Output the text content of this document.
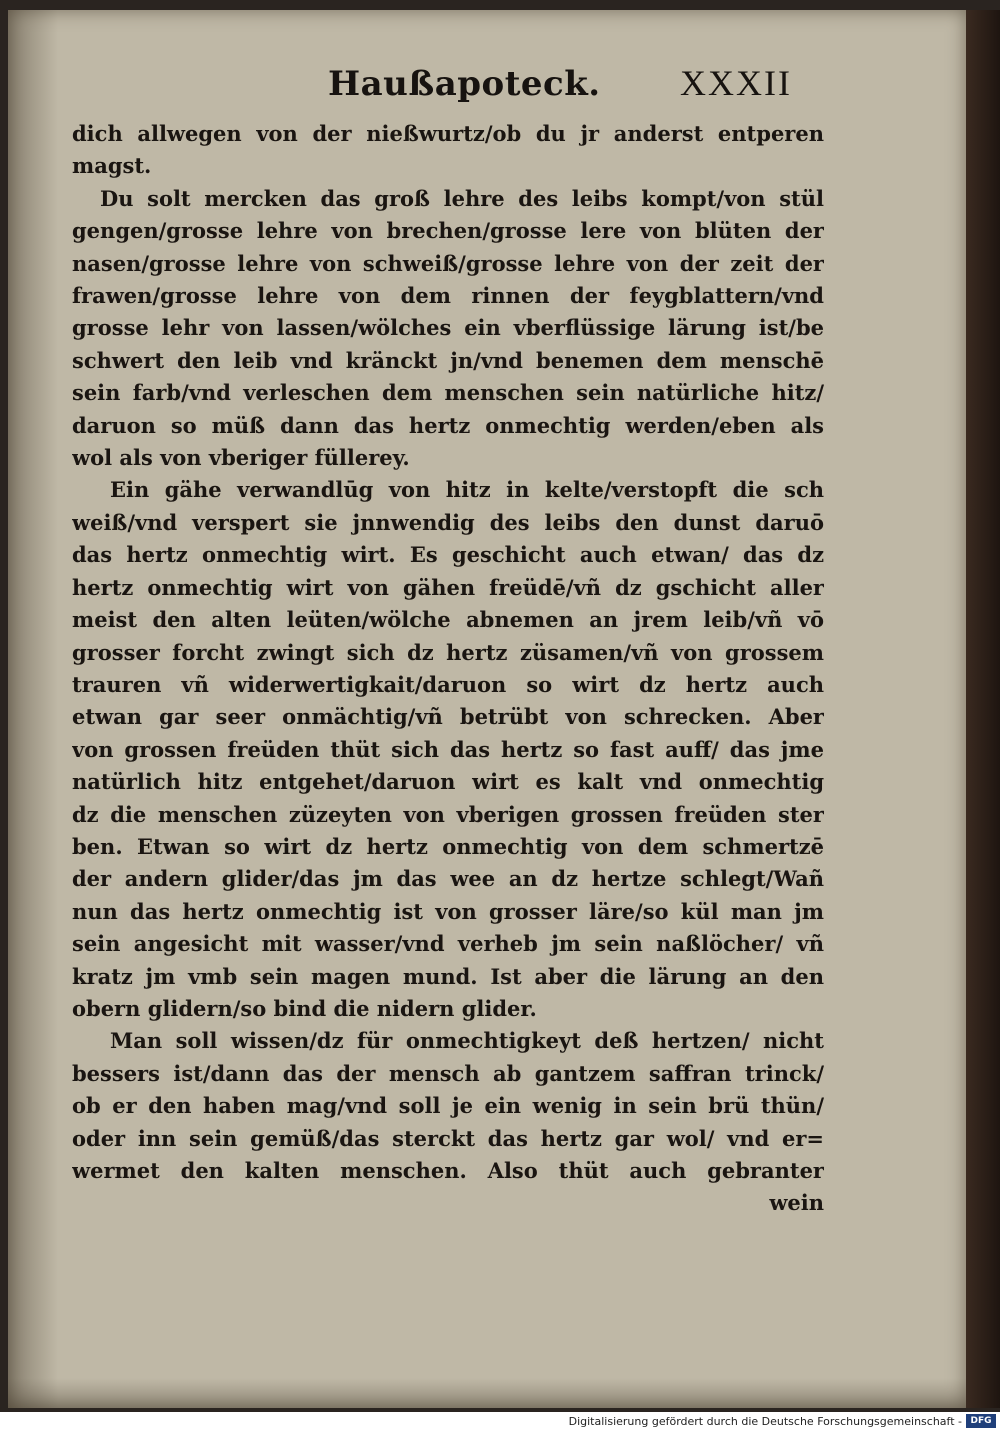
Haußapoteck. XXXII
dich allwegen von der nießwurtz/ob du jr anderst entperen
magst.
Du solt mercken das groß lehre des leibs kompt/von stül
gengen/grosse lehre von brechen/grosse lere von blüten der
nasen/grosse lehre von schweiß/grosse lehre von der zeit der
frawen/grosse lehre von dem rinnen der feygblattern/vnd
grosse lehr von lassen/wölches ein vberflüssige lärung ist/be
schwert den leib vnd kränckt jn/vnd benemen dem menschē
sein farb/vnd verleschen dem menschen sein natürliche hitz/
daruon so müß dann das hertz onmechtig werden/eben als
wol als von vberiger füllerey.
Ein gähe verwandlūg von hitz in kelte/verstopft die sch
weiß/vnd verspert sie jnnwendig des leibs den dunst daruō
das hertz onmechtig wirt. Es geschicht auch etwan/ das dz
hertz onmechtig wirt von gähen freüdē/vñ dz gschicht aller
meist den alten leüten/wölche abnemen an jrem leib/vñ vō
grosser forcht zwingt sich dz hertz züsamen/vñ von grossem
trauren vñ widerwertigkait/daruon so wirt dz hertz auch
etwan gar seer onmächtig/vñ betrübt von schrecken. Aber
von grossen freüden thüt sich das hertz so fast auff/ das jme
natürlich hitz entgehet/daruon wirt es kalt vnd onmechtig
dz die menschen züzeyten von vberigen grossen freüden ster
ben. Etwan so wirt dz hertz onmechtig von dem schmertzē
der andern glider/das jm das wee an dz hertze schlegt/Wañ
nun das hertz onmechtig ist von grosser läre/so kül man jm
sein angesicht mit wasser/vnd verheb jm sein naßlöcher/ vñ
kratz jm vmb sein magen mund. Ist aber die lärung an den
obern glidern/so bind die nidern glider.
Man soll wissen/dz für onmechtigkeyt deß hertzen/ nicht
bessers ist/dann das der mensch ab gantzem saffran trinck/
ob er den haben mag/vnd soll je ein wenig in sein brü thün/
oder inn sein gemüß/das sterckt das hertz gar wol/ vnd er=
wermet den kalten menschen. Also thüt auch gebranter
wein
Digitalisierung gefördert durch die Deutsche Forschungsgemeinschaft - DFG
